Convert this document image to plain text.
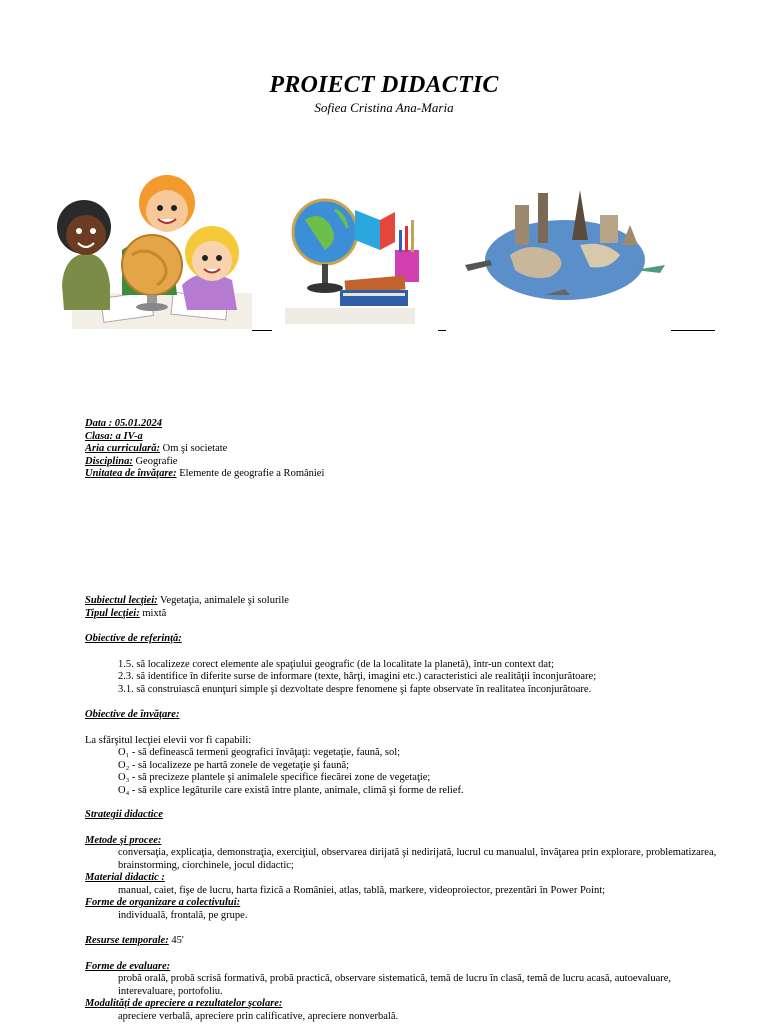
PROIECT DIDACTIC
Sofiea Cristina Ana-Maria
Data : 05.01.2024
Clasa: a IV-a
Aria curriculară: Om şi societate
Disciplina: Geografie
Unitatea de învăţare: Elemente de geografie a României
Subiectul lecţiei: Vegetaţia, animalele şi solurile
Tipul lecţiei: mixtă
Obiective de referinţă:
1.5. să localizeze corect elemente ale spaţiului geografic (de la localitate la planetă), într-un context dat;
2.3. să identifice în diferite surse de informare (texte, hărţi, imagini etc.) caracteristici ale realităţii înconjurătoare;
3.1. să construiască enunţuri simple şi dezvoltate despre fenomene şi fapte observate în realitatea înconjurătoare.
Obiective de învăţare:
La sfârşitul lecţiei elevii vor fi capabili:
O₁ - să definească termeni geografici învăţaţi: vegetaţie, faună, sol;
O₂ - să localizeze pe hartă zonele de vegetaţie şi faună;
O₃ - să precizeze plantele şi animalele specifice fiecărei zone de vegetaţie;
O₄ - să explice legăturile care există între plante, animale, climă şi forme de relief.
Strategii didactice
Metode şi procee:
conversaţia, explicaţia, demonstraţia, exerciţiul, observarea dirijată şi nedirijată, lucrul cu manualul, învăţarea prin explorare, problematizarea, brainstorming, ciorchinele, jocul didactic;
Material didactic :
manual, caiet, fişe de lucru, harta fizică a României, atlas, tablă, markere, videoproiector, prezentări în Power Point;
Forme de organizare a colectivului:
individuală, frontală, pe grupe.
Resurse temporale: 45'
Forme de evaluare:
probă orală, probă scrisă formativă, probă practică, observare sistematică, temă de lucru în clasă, temă de lucru acasă, autoevaluare, interevaluare, portofoliu.
Modalităţi de apreciere a rezultatelor şcolare:
apreciere verbală, apreciere prin calificative, apreciere nonverbală.
